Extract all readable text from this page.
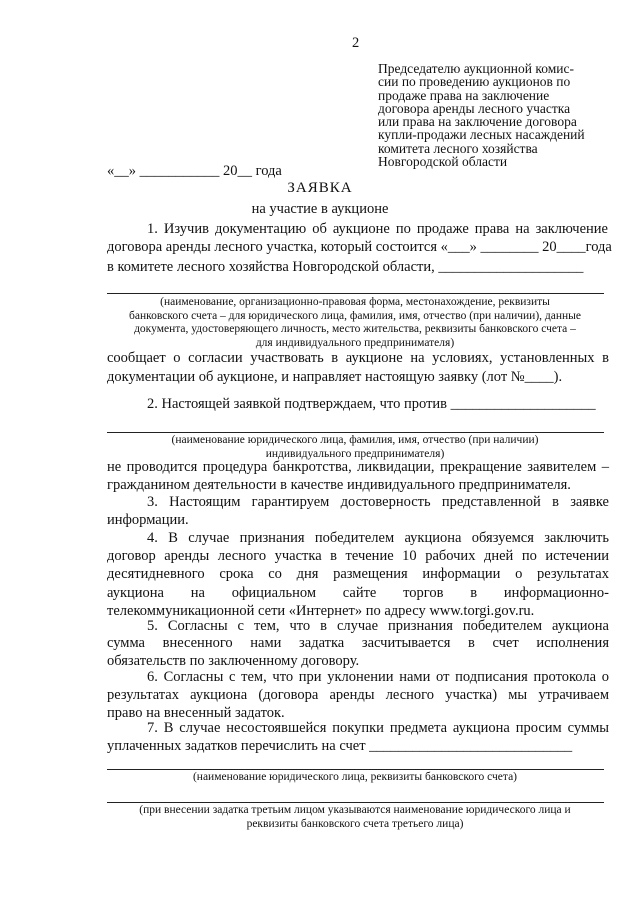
2
Председателю аукционной комис-
сии по проведению аукционов по
продаже права на заключение
договора аренды лесного участка
или права на заключение договора
купли-продажи лесных насаждений
комитета лесного хозяйства
Новгородской области
«__» ___________ 20__ года
ЗАЯВКА
на участие в аукционе
1. Изучив документацию об аукционе по продаже права на заключение
договора аренды лесного участка, который состоится «___» ________ 20____года
в комитете лесного хозяйства Новгородской области, ____________________
(наименование, организационно-правовая форма, местонахождение, реквизиты
банковского счета – для юридического лица, фамилия, имя, отчество (при наличии), данные
документа, удостоверяющего личность, место жительства, реквизиты банковского счета –
для индивидуального предпринимателя)
сообщает о согласии участвовать в аукционе на условиях, установленных в
документации об аукционе, и направляет настоящую заявку (лот №____).
2. Настоящей заявкой подтверждаем, что против ____________________
(наименование юридического лица, фамилия, имя, отчество (при наличии)
индивидуального предпринимателя)
не проводится процедура банкротства, ликвидации, прекращение заявителем –
гражданином деятельности в качестве индивидуального предпринимателя.
3. Настоящим гарантируем достоверность представленной в заявке
информации.
4. В случае признания победителем аукциона обязуемся заключить
договор аренды лесного участка в течение 10 рабочих дней по истечении
десятидневного срока со дня размещения информации о результатах
аукциона на официальном сайте торгов в информационно-
телекоммуникационной сети «Интернет» по адресу www.torgi.gov.ru.
5. Согласны с тем, что в случае признания победителем аукциона
сумма внесенного нами задатка засчитывается в счет исполнения
обязательств по заключенному договору.
6. Согласны с тем, что при уклонении нами от подписания протокола о
результатах аукциона (договора аренды лесного участка) мы утрачиваем
право на внесенный задаток.
7. В случае несостоявшейся покупки предмета аукциона просим суммы
уплаченных задатков перечислить на счет ____________________________
(наименование юридического лица, реквизиты банковского счета)
(при внесении задатка третьим лицом указываются наименование юридического лица и
реквизиты банковского счета третьего лица)
